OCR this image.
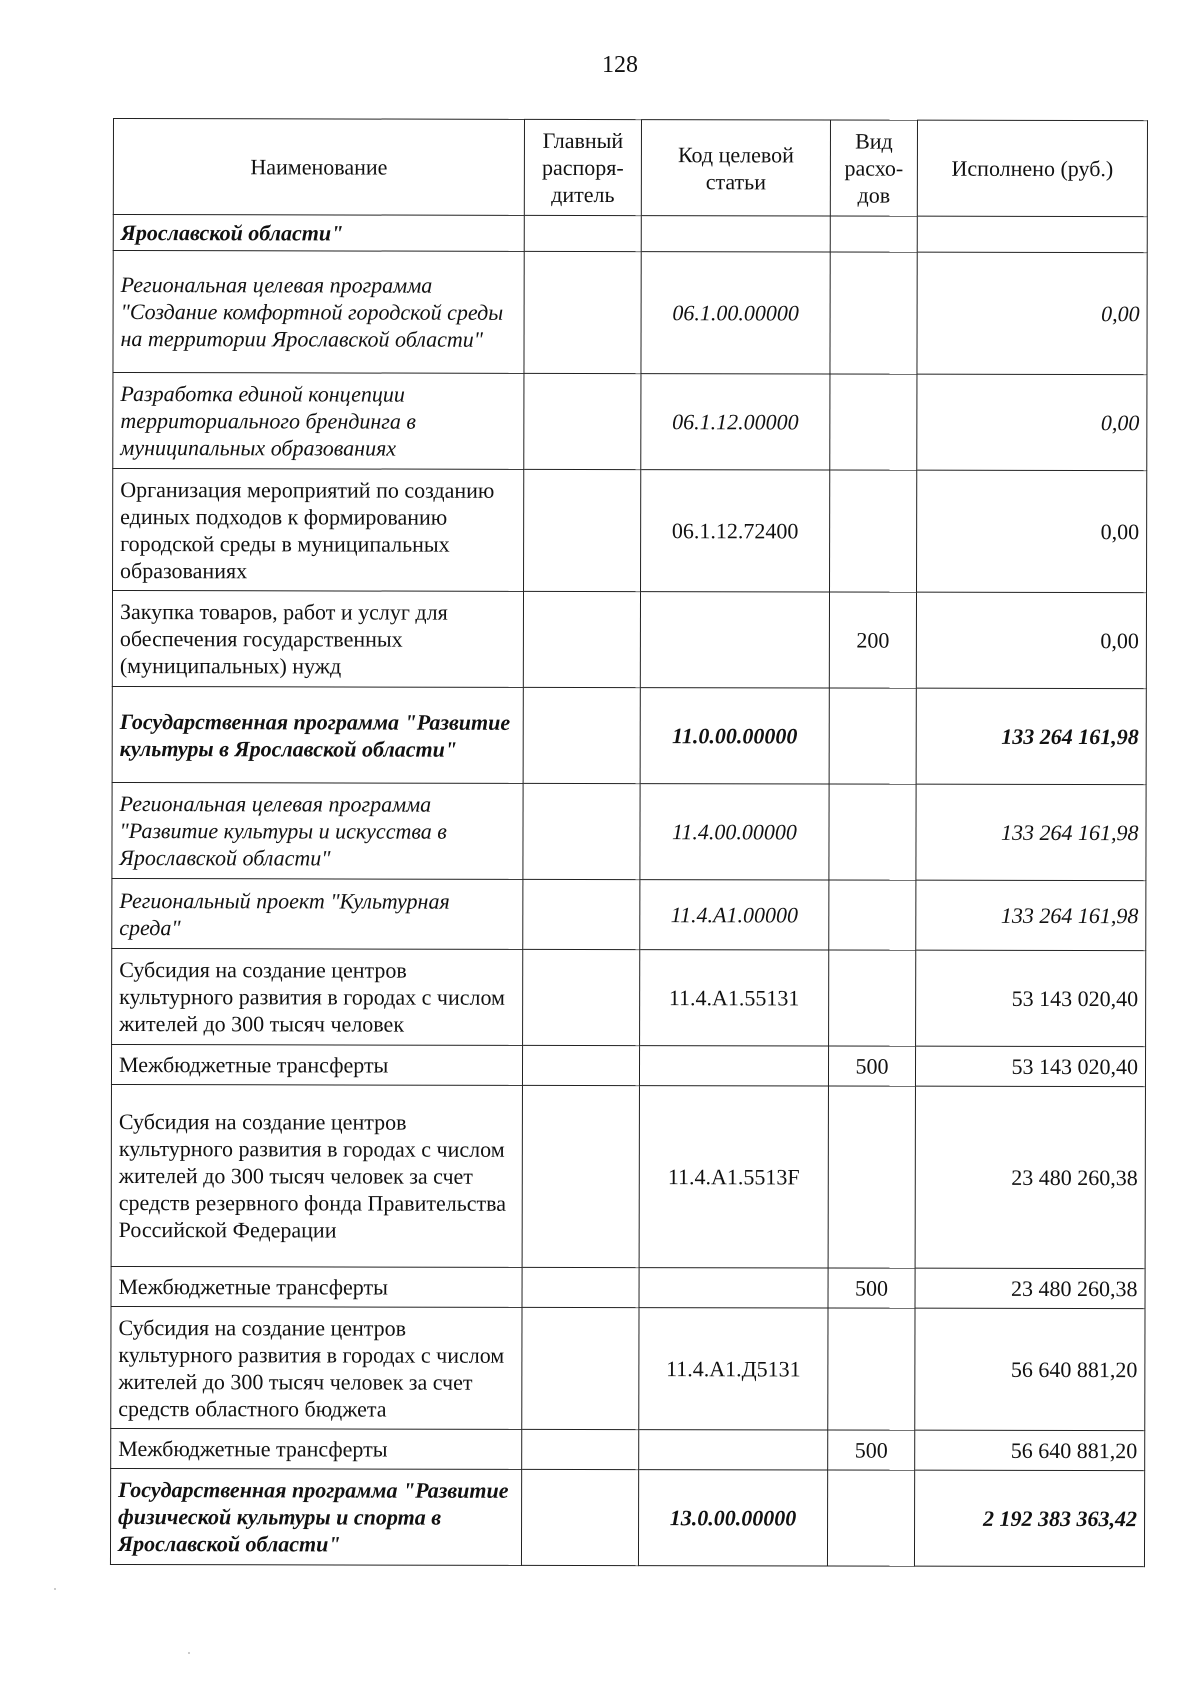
128
Наименование	Главный распоря-дитель	Код целевой статьи	Вид расхо-дов	Исполнено (руб.)
Ярославской области"				
Региональная целевая программа "Создание комфортной городской среды на территории Ярославской области"		06.1.00.00000		0,00
Разработка единой концепции территориального брендинга в муниципальных образованиях		06.1.12.00000		0,00
Организация мероприятий по созданию единых подходов к формированию городской среды в муниципальных образованиях		06.1.12.72400		0,00
Закупка товаров, работ и услуг для обеспечения государственных (муниципальных) нужд			200	0,00
Государственная программа "Развитие культуры в Ярославской области"		11.0.00.00000		133 264 161,98
Региональная целевая программа "Развитие культуры и искусства в Ярославской области"		11.4.00.00000		133 264 161,98
Региональный проект "Культурная среда"		11.4.A1.00000		133 264 161,98
Субсидия на создание центров культурного развития в городах с числом жителей до 300 тысяч человек		11.4.A1.55131		53 143 020,40
Межбюджетные трансферты			500	53 143 020,40
Субсидия на создание центров культурного развития в городах с числом жителей до 300 тысяч человек за счет средств резервного фонда Правительства Российской Федерации		11.4.A1.5513F		23 480 260,38
Межбюджетные трансферты			500	23 480 260,38
Субсидия на создание центров культурного развития в городах с числом жителей до 300 тысяч человек за счет средств областного бюджета		11.4.A1.Д5131		56 640 881,20
Межбюджетные трансферты			500	56 640 881,20
Государственная программа "Развитие физической культуры и спорта в Ярославской области"		13.0.00.00000		2 192 383 363,42
